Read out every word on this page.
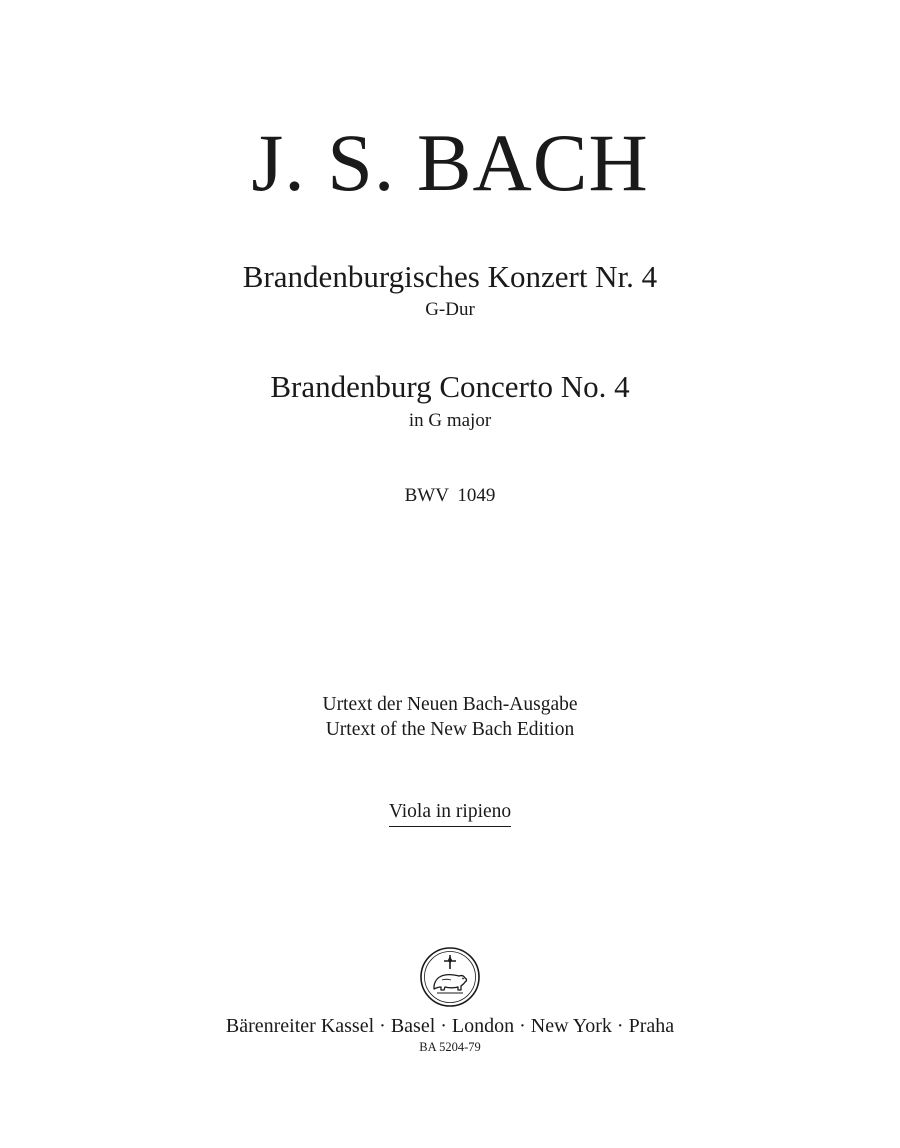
J. S. BACH
Brandenburgisches Konzert Nr. 4
G-Dur
Brandenburg Concerto No. 4
in G major
BWV 1049
Urtext der Neuen Bach-Ausgabe
Urtext of the New Bach Edition
Viola in ripieno
Bärenreiter Kassel · Basel · London · New York · Praha
BA 5204-79
